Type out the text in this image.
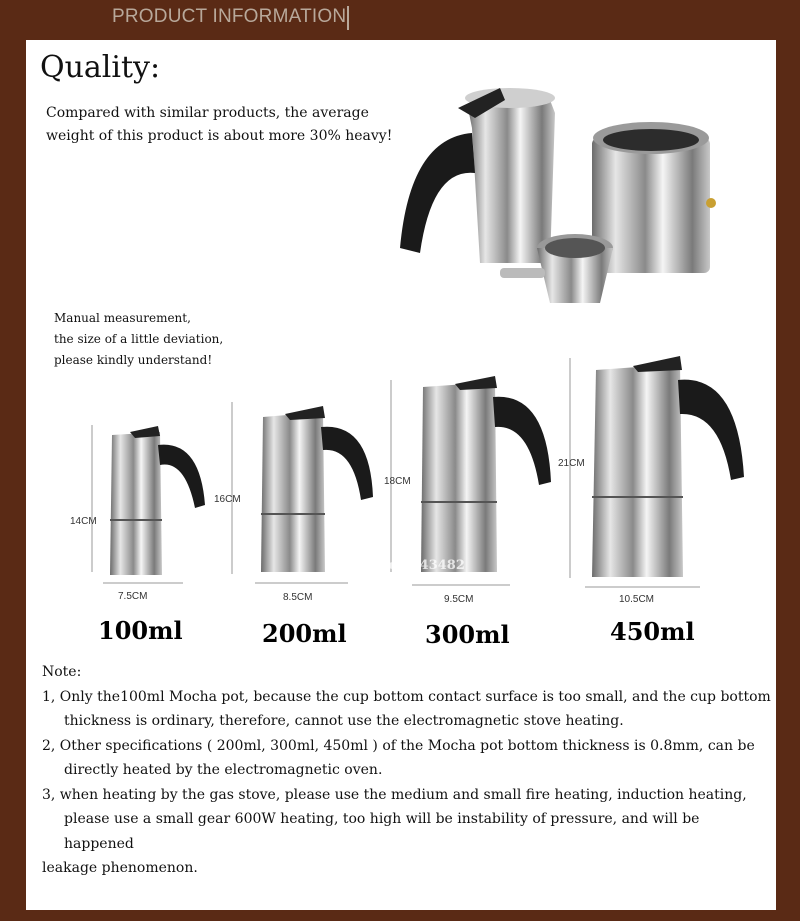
PRODUCT INFORMATION
Quality:
Compared with similar products, the average
weight of this product is about more 30% heavy!
Manual measurement,
the size of a little deviation,
please kindly understand!
14CM
16CM
18CM
21CM
7.5CM	8.5CM	9.5CM	10.5CM
Store No.1543482
100ml	200ml	300ml	450ml

Note:

1, Only the100ml Mocha pot, because the cup bottom contact surface is too small, and the cup bottom

thickness is ordinary, therefore, cannot use the electromagnetic stove heating.

2, Other specifications ( 200ml, 300ml, 450ml ) of the Mocha pot bottom thickness is 0.8mm, can be

directly heated by the electromagnetic oven.

3, when heating by the gas stove, please use the medium and small fire heating, induction heating,

please use a small gear 600W heating, too high will be instability of pressure, and will be happened

leakage phenomenon.
